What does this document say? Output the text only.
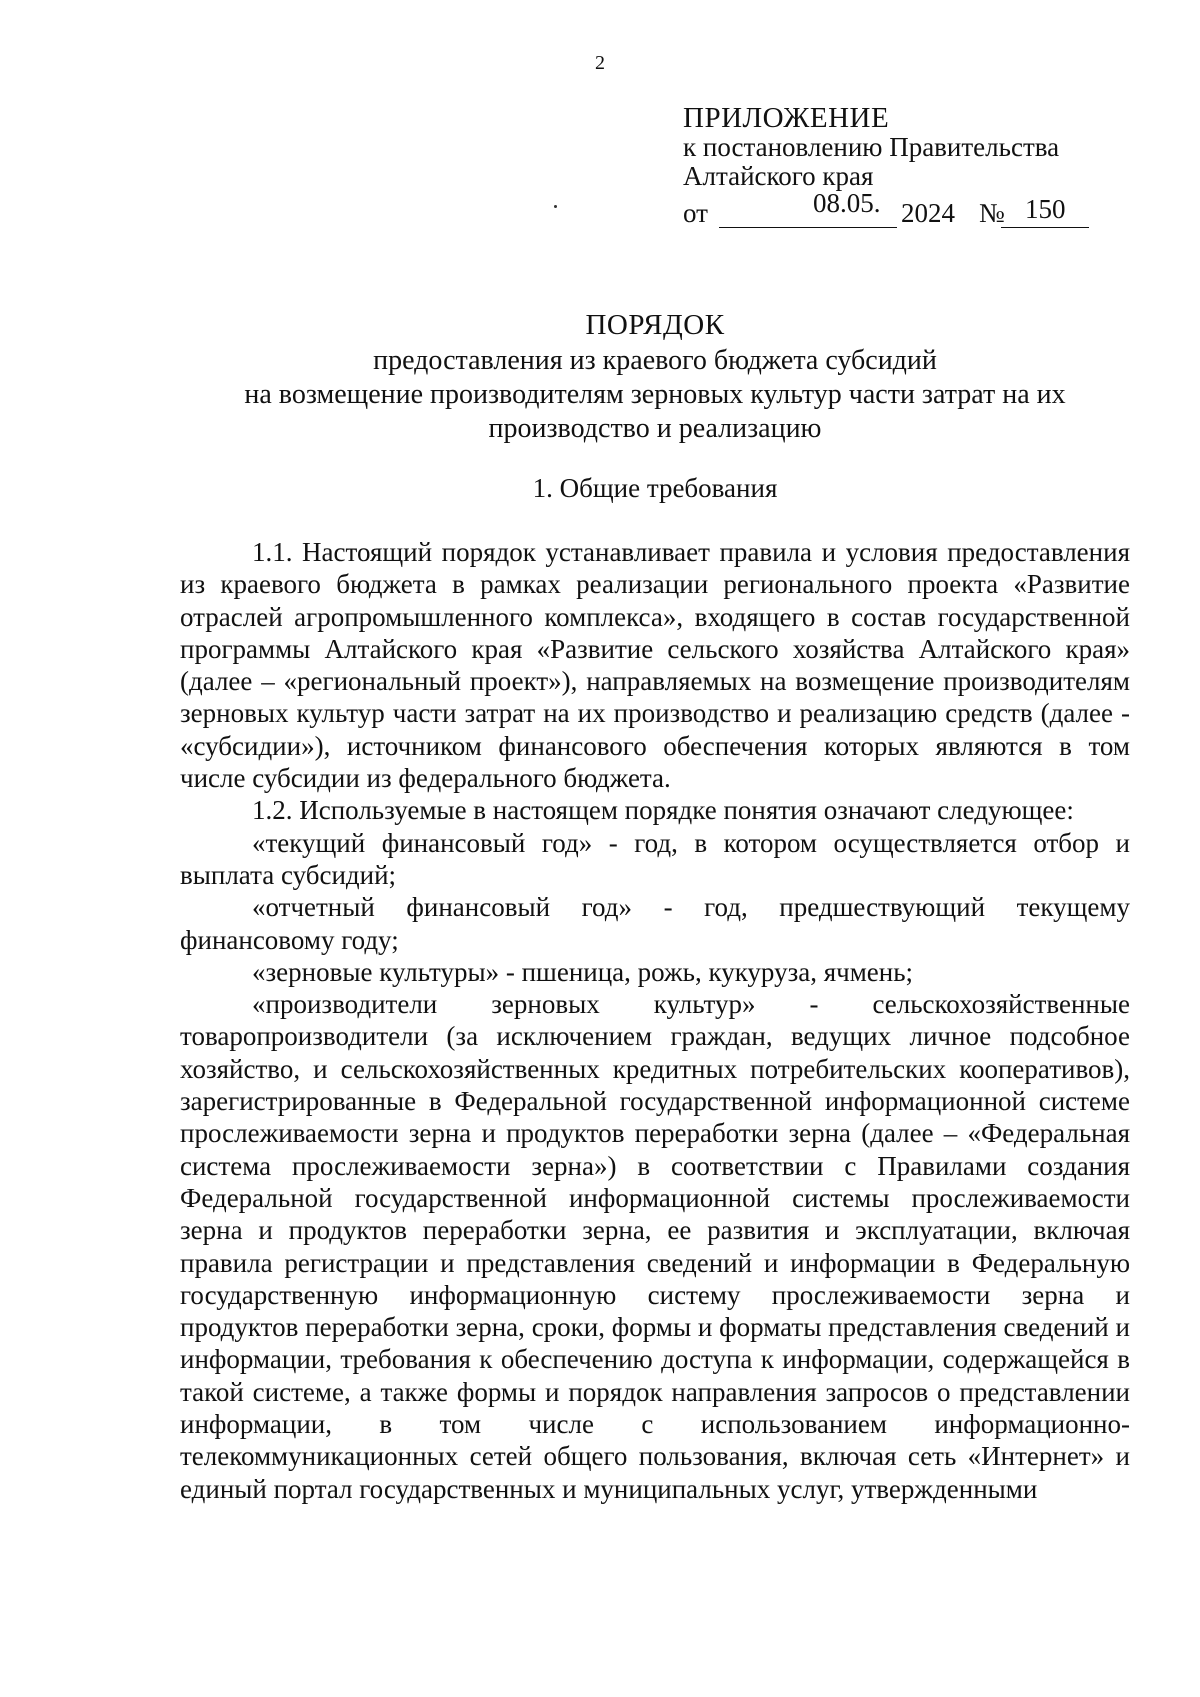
2
ПРИЛОЖЕНИЕ
к постановлению Правительства
Алтайского края
от	08.05. 2024 № 150
ПОРЯДОК
предоставления из краевого бюджета субсидий
на возмещение производителям зерновых культур части затрат на их
производство и реализацию
1. Общие требования

1.1. Настоящий порядок устанавливает правила и условия предоставления из краевого бюджета в рамках реализации регионального проекта «Развитие отраслей агропромышленного комплекса», входящего в состав государственной программы Алтайского края «Развитие сельского хозяйства Алтайского края» (далее – «региональный проект»), направляемых на возмещение производителям зерновых культур части затрат на их производство и реализацию средств (далее - «субсидии»), источником финансового обеспечения которых являются в том числе субсидии из федерального бюджета.

1.2. Используемые в настоящем порядке понятия означают следующее:

«текущий финансовый год» - год, в котором осуществляется отбор и выплата субсидий;

«отчетный финансовый год» - год, предшествующий текущему финансовому году;

«зерновые культуры» - пшеница, рожь, кукуруза, ячмень;

«производители зерновых культур» - сельскохозяйственные товаропроизводители (за исключением граждан, ведущих личное подсобное хозяйство, и сельскохозяйственных кредитных потребительских кооперативов), зарегистрированные в Федеральной государственной информационной системе прослеживаемости зерна и продуктов переработки зерна (далее – «Федеральная система прослеживаемости зерна») в соответствии с Правилами создания Федеральной государственной информационной системы прослеживаемости зерна и продуктов переработки зерна, ее развития и эксплуатации, включая правила регистрации и представления сведений и информации в Федеральную государственную информационную систему прослеживаемости зерна и продуктов переработки зерна, сроки, формы и форматы представления сведений и информации, требования к обеспечению доступа к информации, содержащейся в такой системе, а также формы и порядок направления запросов о представлении информации, в том числе с использованием информационно-телекоммуникационных сетей общего пользования, включая сеть «Интернет» и единый портал государственных и муниципальных услуг, утвержденными
